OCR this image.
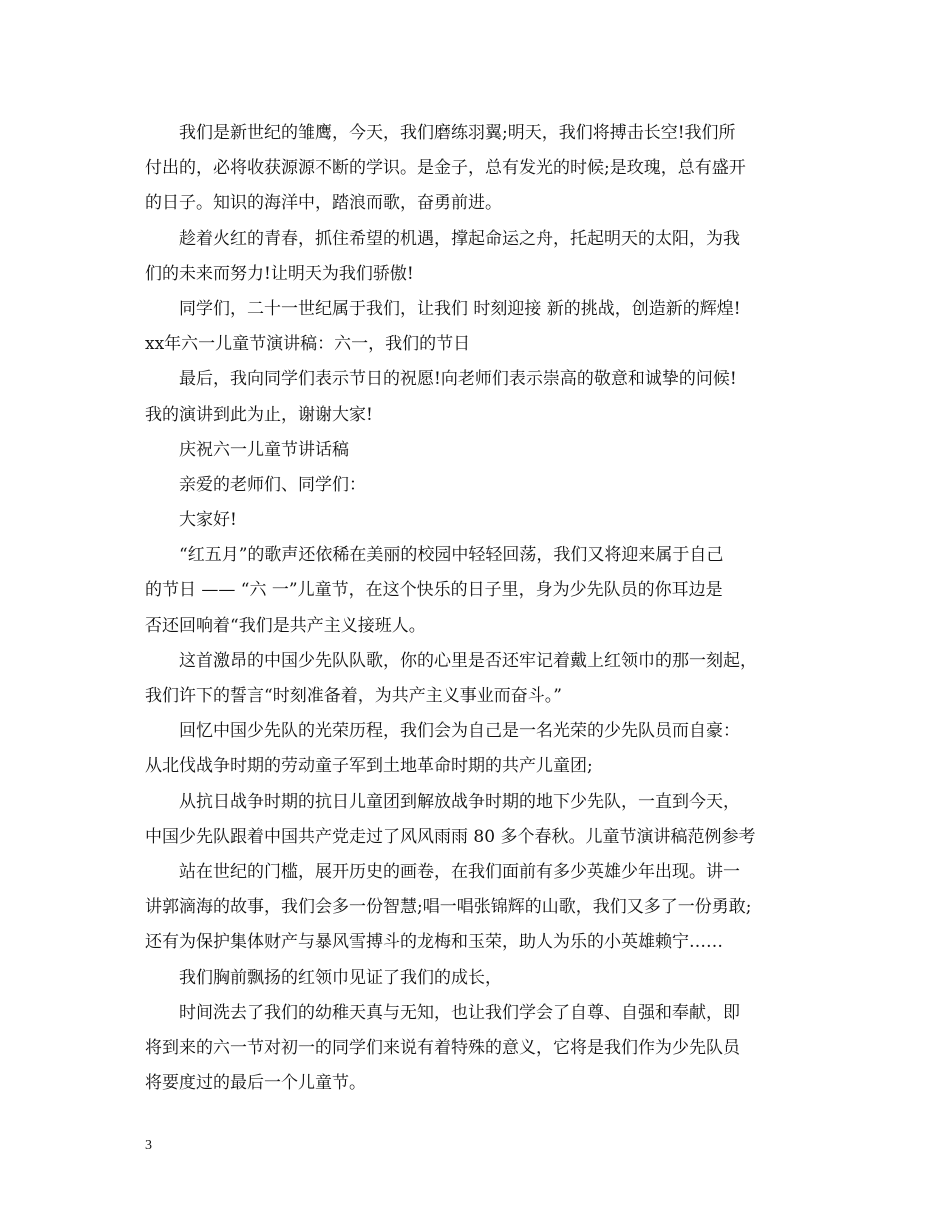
我们是新世纪的雏鹰，今天，我们磨练羽翼;明天，我们将搏击长空!我们所
付出的，必将收获源源不断的学识。是金子，总有发光的时候;是玫瑰，总有盛开
的日子。知识的海洋中，踏浪而歌，奋勇前进。
趁着火红的青春，抓住希望的机遇，撑起命运之舟，托起明天的太阳，为我
们的未来而努力!让明天为我们骄傲!
同学们，二十一世纪属于我们，让我们 时刻迎接 新的挑战，创造新的辉煌!
xx年六一儿童节演讲稿：六一，我们的节日
最后，我向同学们表示节日的祝愿!向老师们表示崇高的敬意和诚挚的问候!
我的演讲到此为止，谢谢大家!
庆祝六一儿童节讲话稿
亲爱的老师们、同学们：
大家好!
“红五月”的歌声还依稀在美丽的校园中轻轻回荡，我们又将迎来属于自己
的节日 —— “六 一”儿童节，在这个快乐的日子里，身为少先队员的你耳边是
否还回响着“我们是共产主义接班人。
这首激昂的中国少先队队歌，你的心里是否还牢记着戴上红领巾的那一刻起，
我们许下的誓言“时刻准备着，为共产主义事业而奋斗。”
回忆中国少先队的光荣历程，我们会为自己是一名光荣的少先队员而自豪：
从北伐战争时期的劳动童子军到土地革命时期的共产儿童团;
从抗日战争时期的抗日儿童团到解放战争时期的地下少先队，一直到今天，
中国少先队跟着中国共产党走过了风风雨雨 80 多个春秋。儿童节演讲稿范例参考
站在世纪的门槛，展开历史的画卷，在我们面前有多少英雄少年出现。讲一
讲郭滴海的故事，我们会多一份智慧;唱一唱张锦辉的山歌，我们又多了一份勇敢;
还有为保护集体财产与暴风雪搏斗的龙梅和玉荣，助人为乐的小英雄赖宁……
我们胸前飘扬的红领巾见证了我们的成长，
时间洗去了我们的幼稚天真与无知，也让我们学会了自尊、自强和奉献，即
将到来的六一节对初一的同学们来说有着特殊的意义，它将是我们作为少先队员
将要度过的最后一个儿童节。
3
